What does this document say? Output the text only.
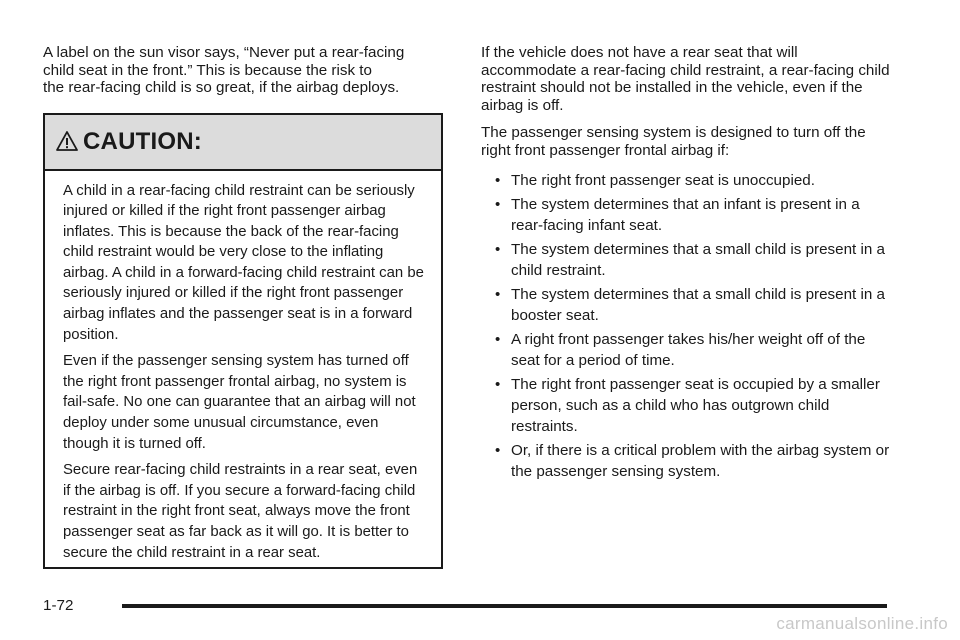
A label on the sun visor says, “Never put a rear-facing
child seat in the front.” This is because the risk to
the rear-facing child is so great, if the airbag deploys.

CAUTION:

A child in a rear-facing child restraint can be seriously injured or killed if the right front passenger airbag inflates. This is because the back of the rear-facing child restraint would be very close to the inflating airbag. A child in a forward-facing child restraint can be seriously injured or killed if the right front passenger airbag inflates and the passenger seat is in a forward position.

Even if the passenger sensing system has turned off the right front passenger frontal airbag, no system is fail-safe. No one can guarantee that an airbag will not deploy under some unusual circumstance, even though it is turned off.

Secure rear-facing child restraints in a rear seat, even if the airbag is off. If you secure a forward-facing child restraint in the right front seat, always move the front passenger seat as far back as it will go. It is better to secure the child restraint in a rear seat.

If the vehicle does not have a rear seat that will accommodate a rear-facing child restraint, a rear-facing child restraint should not be installed in the vehicle, even if the airbag is off.

The passenger sensing system is designed to turn off the right front passenger frontal airbag if:

• The right front passenger seat is unoccupied.
• The system determines that an infant is present in a rear-facing infant seat.
• The system determines that a small child is present in a child restraint.
• The system determines that a small child is present in a booster seat.
• A right front passenger takes his/her weight off of the seat for a period of time.
• The right front passenger seat is occupied by a smaller person, such as a child who has outgrown child restraints.
• Or, if there is a critical problem with the airbag system or the passenger sensing system.
1-72
carmanualsonline.info
